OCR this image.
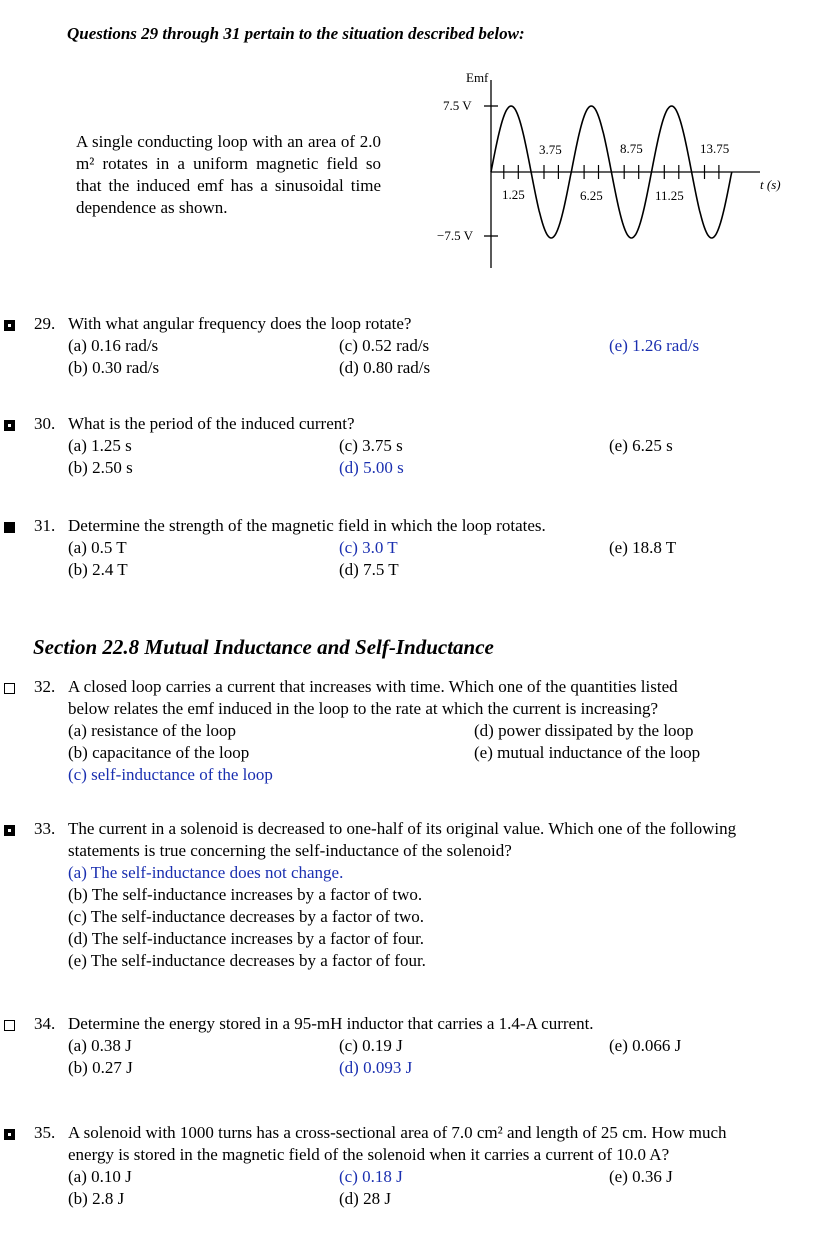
Questions 29 through 31 pertain to the situation described below:
A single conducting loop with an area of 2.0 m² rotates in a uniform magnetic field so that the induced emf has a sinusoidal time dependence as shown.
Emf
7.5 V
−7.5 V
t (s)
3.75	8.75	13.75
1.25	6.25	11.25
Section 22.8 Mutual Inductance and Self-Inductance
29. With what angular frequency does the loop rotate?
(a) 0.16 rad/s
(b) 0.30 rad/s
(c) 0.52 rad/s
(d) 0.80 rad/s
(e) 1.26 rad/s
30. What is the period of the induced current?
(a) 1.25 s
(b) 2.50 s
(c) 3.75 s
(d) 5.00 s
(e) 6.25 s
31. Determine the strength of the magnetic field in which the loop rotates.
(a) 0.5 T
(b) 2.4 T
(c) 3.0 T
(d) 7.5 T
(e) 18.8 T
32. A closed loop carries a current that increases with time. Which one of the quantities listed
below relates the emf induced in the loop to the rate at which the current is increasing?
(a) resistance of the loop
(b) capacitance of the loop
(c) self-inductance of the loop
(d) power dissipated by the loop
(e) mutual inductance of the loop
33. The current in a solenoid is decreased to one-half of its original value. Which one of the following
statements is true concerning the self-inductance of the solenoid?
(a) The self-inductance does not change.
(b) The self-inductance increases by a factor of two.
(c) The self-inductance decreases by a factor of two.
(d) The self-inductance increases by a factor of four.
(e) The self-inductance decreases by a factor of four.
34. Determine the energy stored in a 95-mH inductor that carries a 1.4-A current.
(a) 0.38 J
(b) 0.27 J
(c) 0.19 J
(d) 0.093 J
(e) 0.066 J
35. A solenoid with 1000 turns has a cross-sectional area of 7.0 cm² and length of 25 cm. How much
energy is stored in the magnetic field of the solenoid when it carries a current of 10.0 A?
(a) 0.10 J
(b) 2.8 J
(c) 0.18 J
(d) 28 J
(e) 0.36 J
